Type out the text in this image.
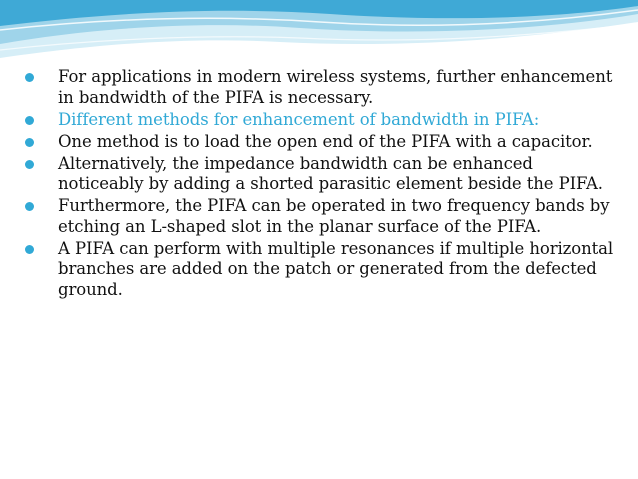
For applications in modern wireless systems, further enhancement in bandwidth of the PIFA is necessary.
Different methods for enhancement of bandwidth in PIFA:
One method is to load the open end of the PIFA with a capacitor.
Alternatively, the impedance bandwidth can be enhanced noticeably by adding a shorted parasitic element beside the PIFA.
Furthermore, the PIFA can be operated in two frequency bands by etching an L-shaped slot in the planar surface of the PIFA.
A PIFA can perform with multiple resonances if multiple horizontal branches are added on the patch or generated from the defected ground.
